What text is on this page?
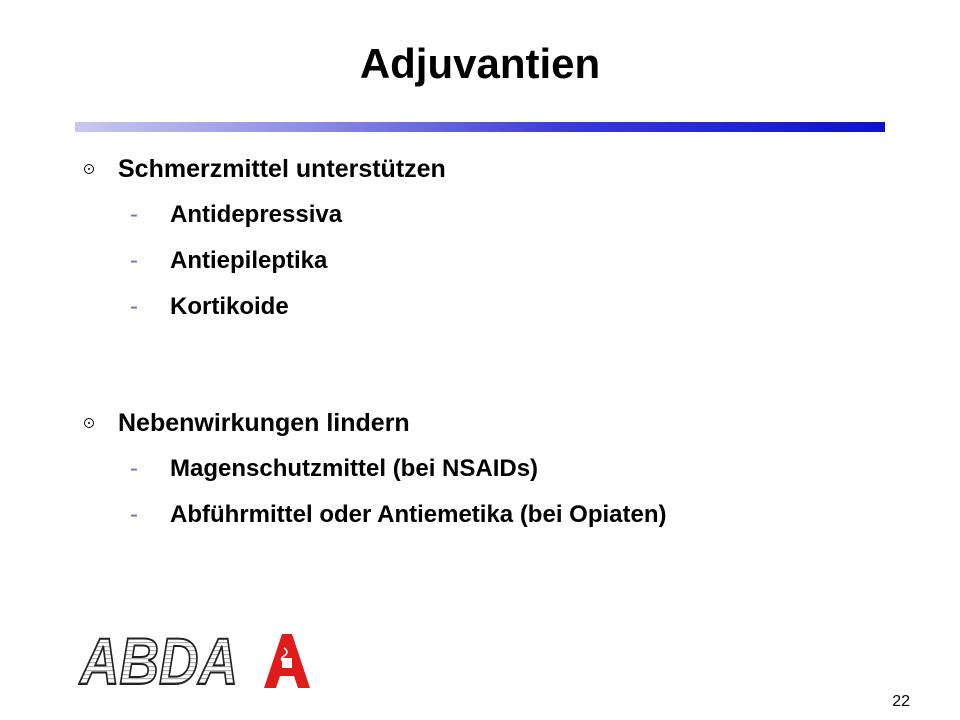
Adjuvantien
Schmerzmittel unterstützen
- Antidepressiva
- Antiepileptika
- Kortikoide
Nebenwirkungen lindern
- Magenschutzmittel (bei NSAIDs)
- Abführmittel oder Antiemetika (bei Opiaten)
ABDA
22
